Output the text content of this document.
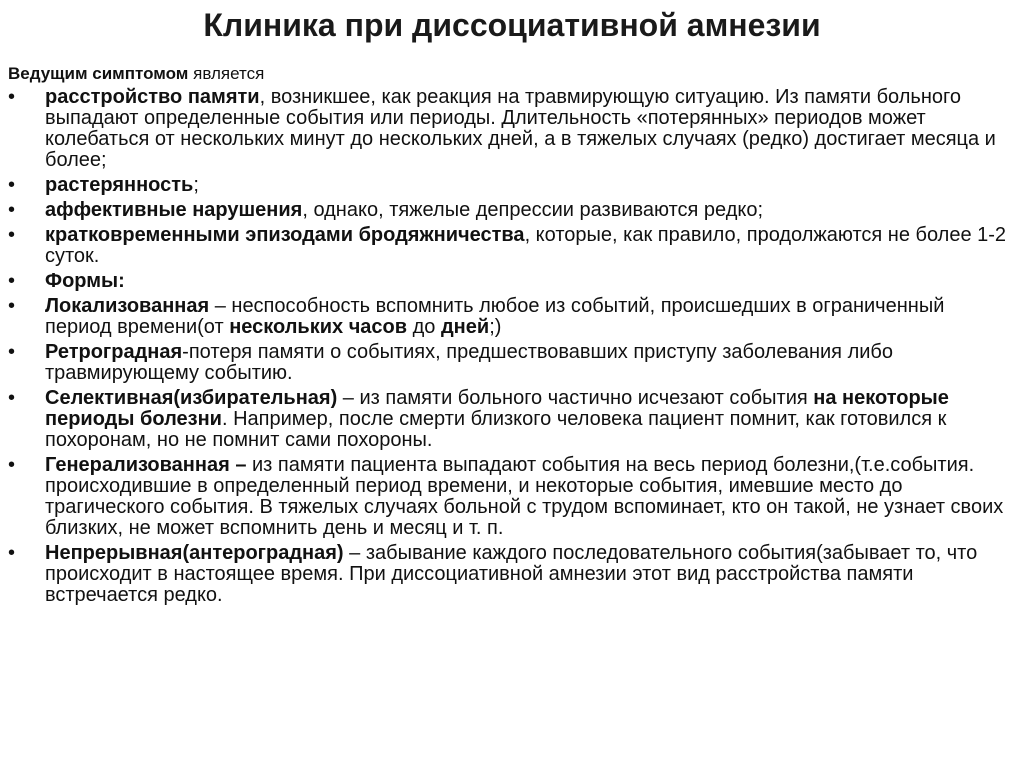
Клиника при диссоциативной амнезии
Ведущим симптомом является
•	расстройство памяти, возникшее, как реакция на травмирующую ситуацию. Из памяти больного выпадают определенные события или периоды. Длительность «потерянных» периодов может колебаться от нескольких минут до нескольких дней, а в тяжелых случаях (редко) достигает месяца и более;
•	растерянность;
•	аффективные нарушения, однако, тяжелые депрессии развиваются редко;
•	кратковременными эпизодами бродяжничества, которые, как правило, продолжаются не более 1-2 суток.
•	Формы:
•	Локализованная – неспособность вспомнить любое из событий, происшедших в ограниченный период времени(от нескольких часов до дней;)
•	Ретроградная-потеря памяти о событиях, предшествовавших приступу заболевания либо травмирующему событию.
•	Селективная(избирательная) – из памяти больного частично исчезают события на некоторые периоды болезни. Например, после смерти близкого человека пациент помнит, как готовился к похоронам, но не помнит сами похороны.
•	Генерализованная – из памяти пациента выпадают события на весь период болезни,(т.е.события. происходившие в определенный период времени, и некоторые события, имевшие место до трагического события. В тяжелых случаях больной с трудом вспоминает, кто он такой, не узнает своих близких, не может вспомнить день и месяц и т. п.
•	Непрерывная(антероградная) – забывание каждого последовательного события(забывает то, что происходит в настоящее время. При диссоциативной амнезии этот вид расстройства памяти встречается редко.
